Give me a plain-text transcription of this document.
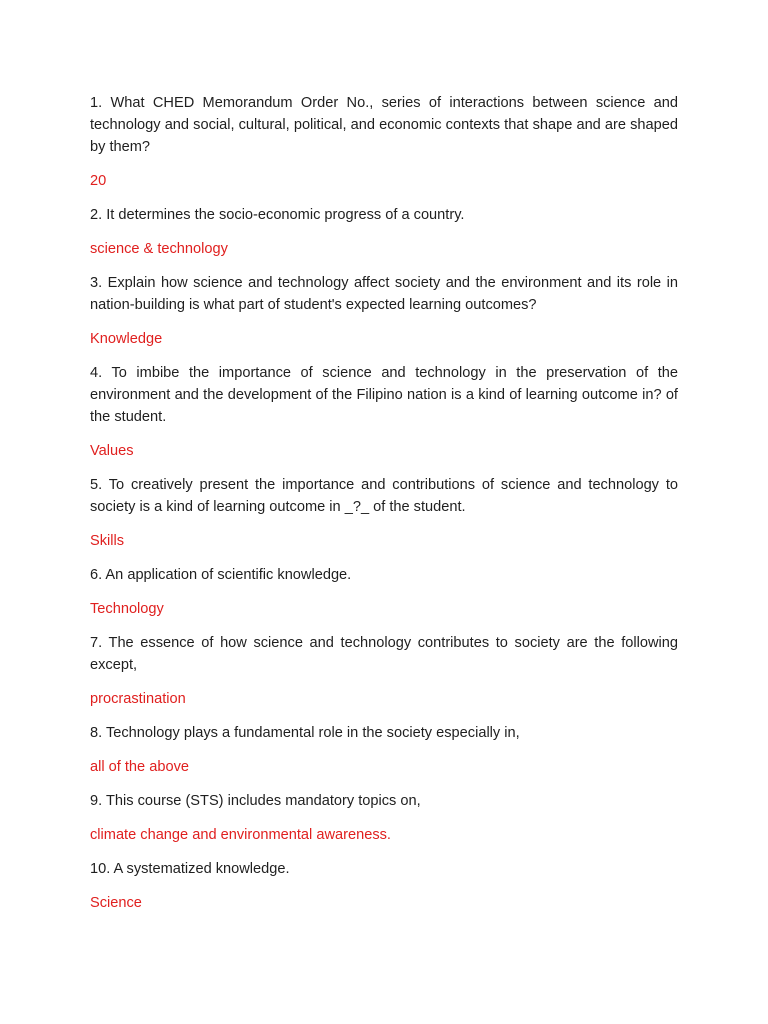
1. What CHED Memorandum Order No., series of interactions between science and technology and social, cultural, political, and economic contexts that shape and are shaped by them?

20

2. It determines the socio-economic progress of a country.

science & technology

3. Explain how science and technology affect society and the environment and its role in nation-building is what part of student's expected learning outcomes?

Knowledge

4. To imbibe the importance of science and technology in the preservation of the environment and the development of the Filipino nation is a kind of learning outcome in? of the student.

Values

5. To creatively present the importance and contributions of science and technology to society is a kind of learning outcome in _?_ of the student.

Skills

6. An application of scientific knowledge.

Technology

7. The essence of how science and technology contributes to society are the following except,

procrastination

8. Technology plays a fundamental role in the society especially in,

all of the above

9. This course (STS) includes mandatory topics on,

climate change and environmental awareness.

10. A systematized knowledge.

Science
